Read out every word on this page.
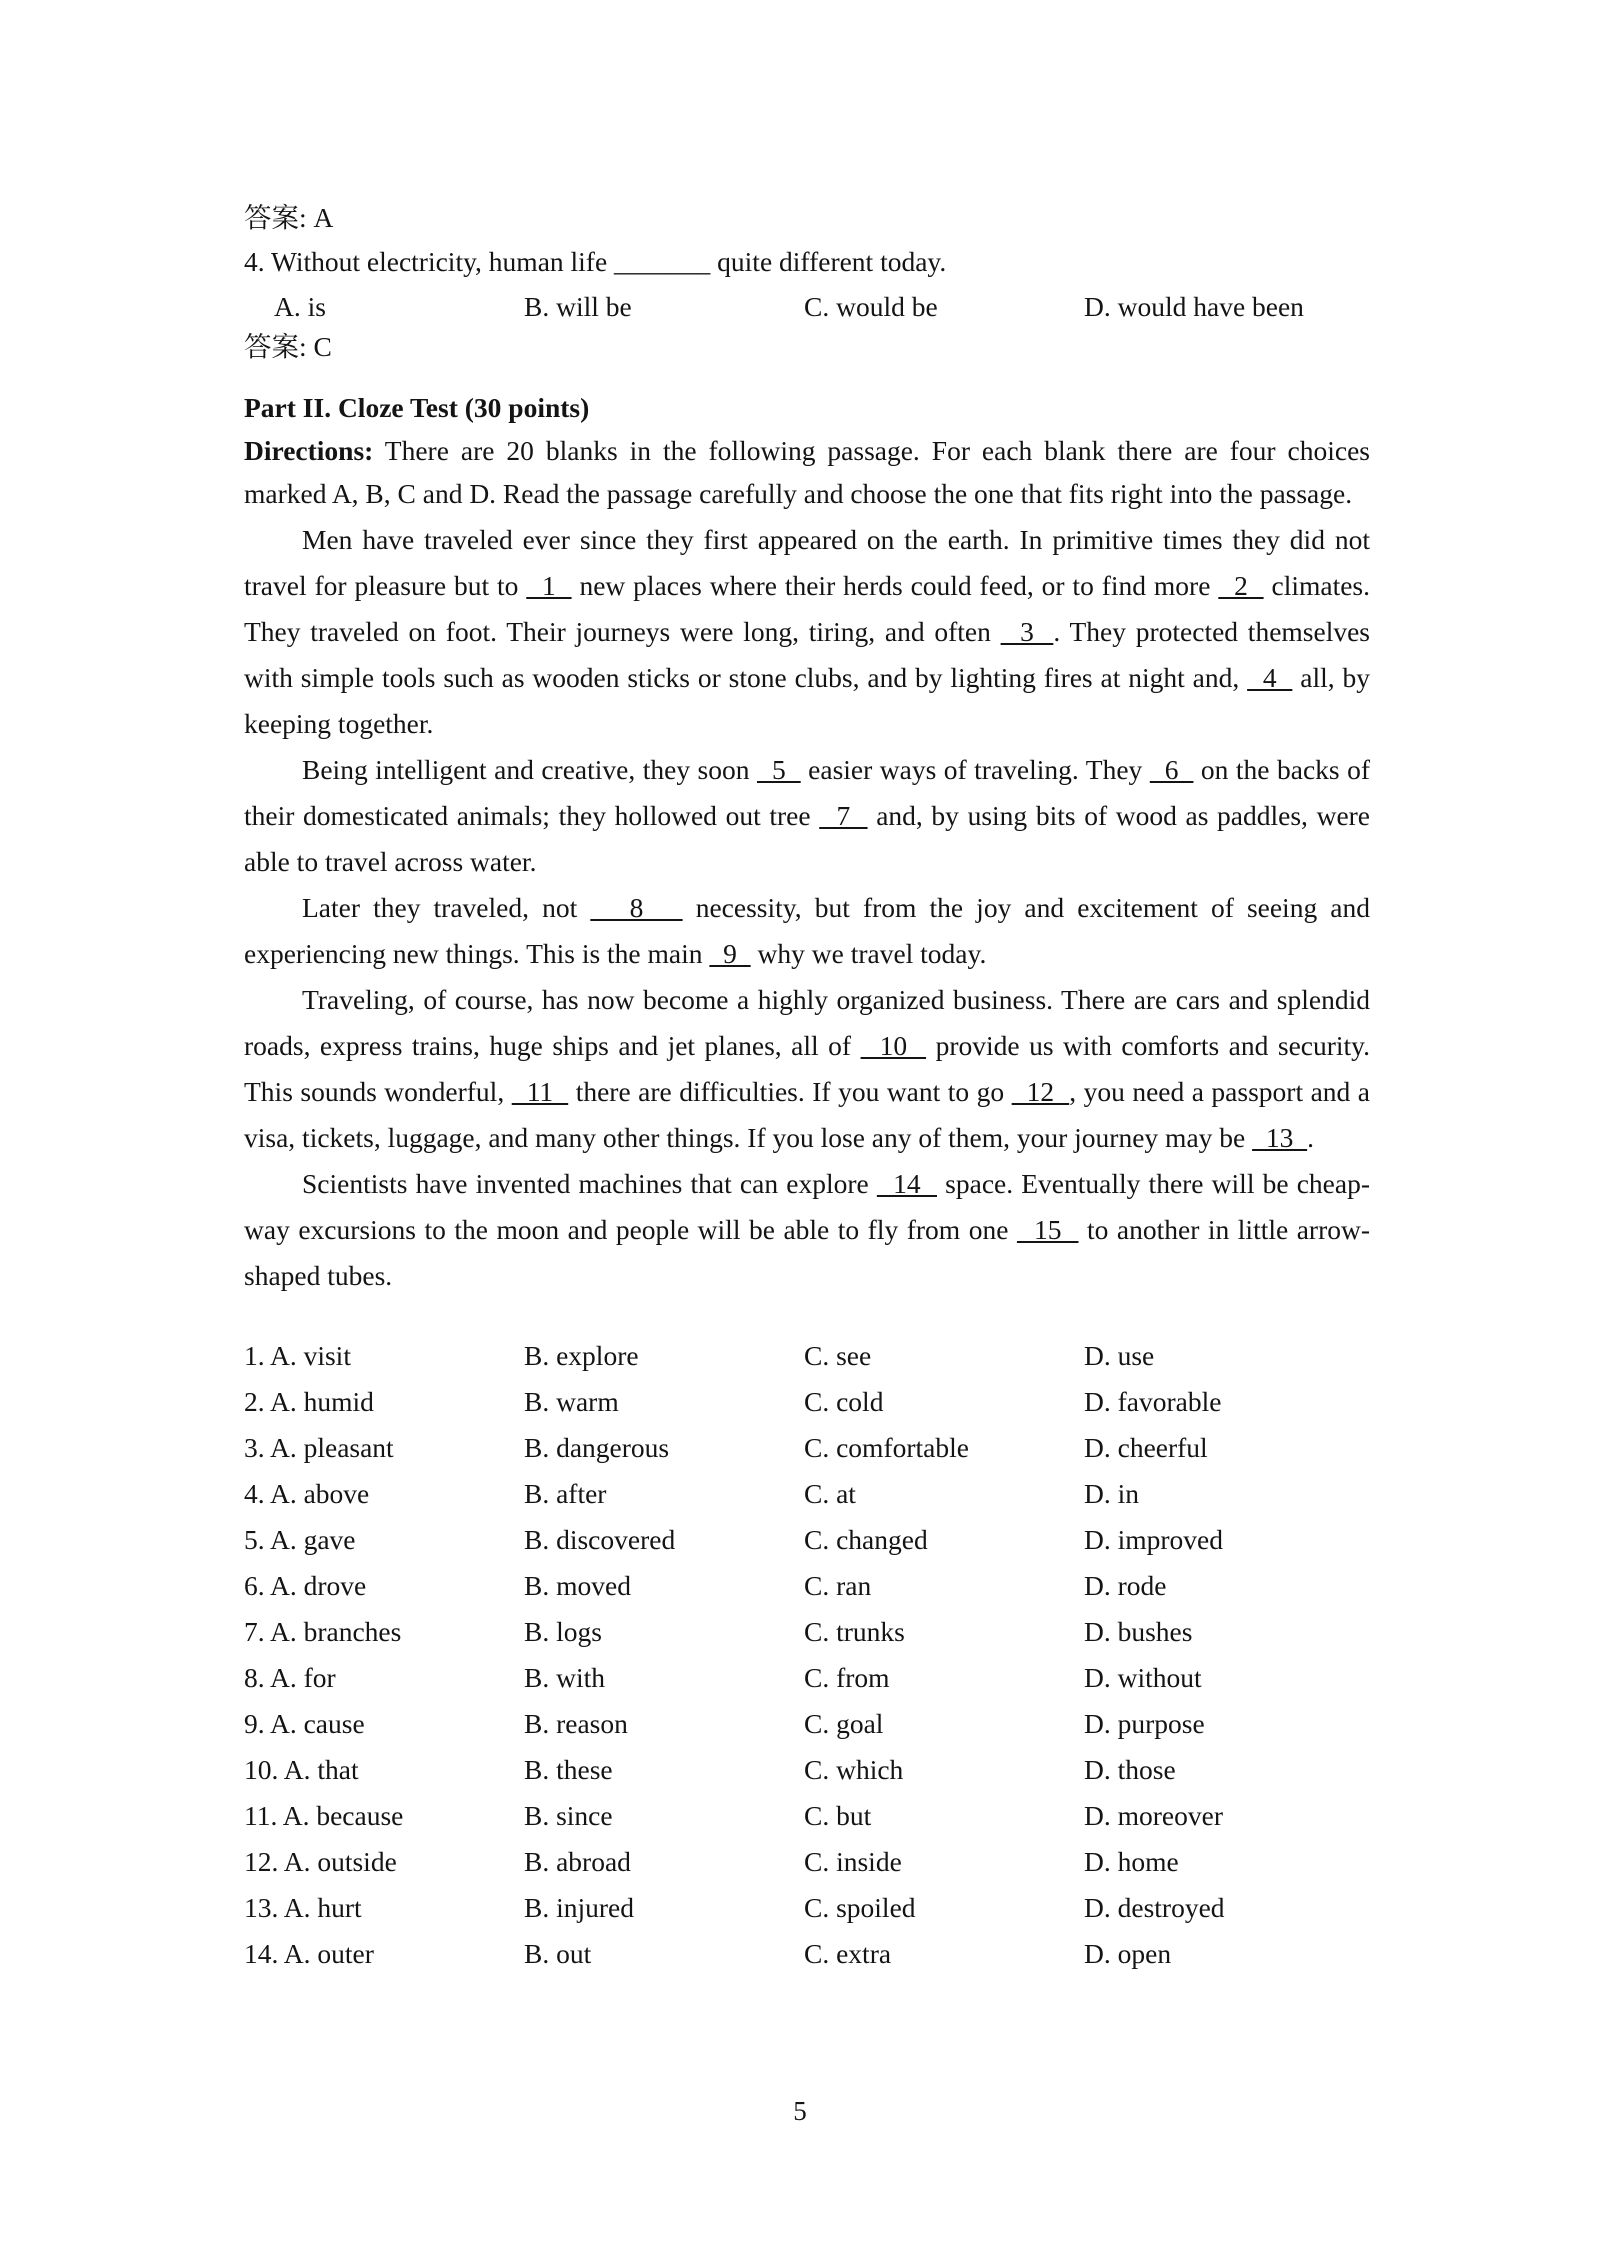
答案: A
4. Without electricity, human life _______ quite different today.
A. is	B. will be	C. would be	D. would have been
答案: C
Part II. Cloze Test (30 points)

Directions: There are 20 blanks in the following passage. For each blank there are four choices marked A, B, C and D. Read the passage carefully and choose the one that fits right into the passage.

Men have traveled ever since they first appeared on the earth. In primitive times they did not travel for pleasure but to   1   new places where their herds could feed, or to find more   2   climates. They traveled on foot. Their journeys were long, tiring, and often   3  . They protected themselves with simple tools such as wooden sticks or stone clubs, and by lighting fires at night and,   4   all, by keeping together.

Being intelligent and creative, they soon   5   easier ways of traveling. They   6   on the backs of their domesticated animals; they hollowed out tree   7   and, by using bits of wood as paddles, were able to travel across water.

Later they traveled, not    8    necessity, but from the joy and excitement of seeing and experiencing new things. This is the main   9   why we travel today.

Traveling, of course, has now become a highly organized business. There are cars and splendid roads, express trains, huge ships and jet planes, all of   10   provide us with comforts and security. This sounds wonderful,   11   there are difficulties. If you want to go   12  , you need a passport and a visa, tickets, luggage, and many other things. If you lose any of them, your journey may be   13  .

Scientists have invented machines that can explore   14   space. Eventually there will be cheap-way excursions to the moon and people will be able to fly from one   15   to another in little arrow-shaped tubes.

1. A. visit	B. explore	C. see	D. use
2. A. humid	B. warm	C. cold	D. favorable
3. A. pleasant	B. dangerous	C. comfortable	D. cheerful
4. A. above	B. after	C. at	D. in
5. A. gave	B. discovered	C. changed	D. improved
6. A. drove	B. moved	C. ran	D. rode
7. A. branches	B. logs	C. trunks	D. bushes
8. A. for	B. with	C. from	D. without
9. A. cause	B. reason	C. goal	D. purpose
10. A. that	B. these	C. which	D. those
11. A. because	B. since	C. but	D. moreover
12. A. outside	B. abroad	C. inside	D. home
13. A. hurt	B. injured	C. spoiled	D. destroyed
14. A. outer	B. out	C. extra	D. open
5
